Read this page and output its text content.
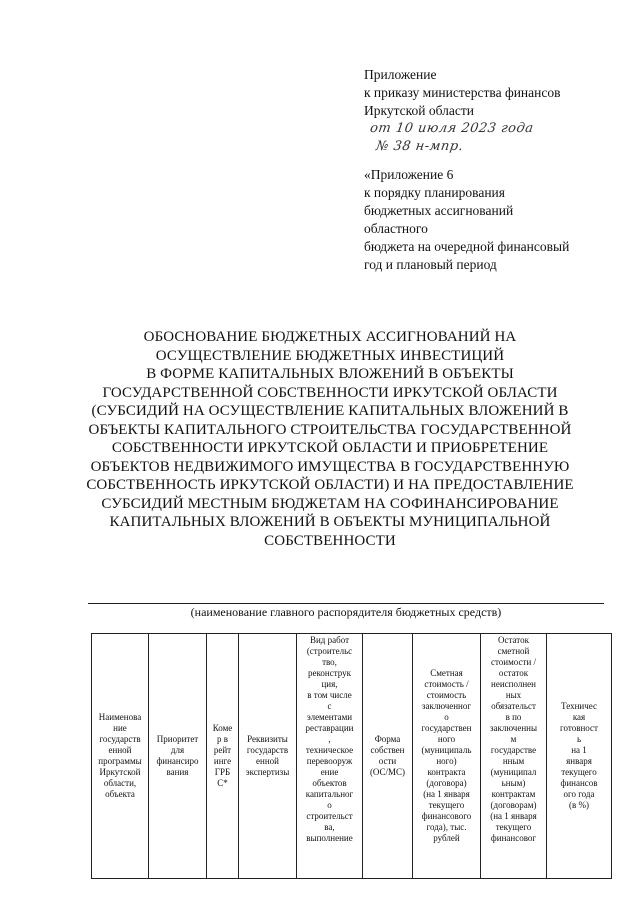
Приложение
к приказу министерства финансов
Иркутской области
от 10 июля 2023 года
№ 38 н-мпр.
«Приложение 6
к порядку планирования
бюджетных ассигнований
областного
бюджета на очередной финансовый
год и плановый период
ОБОСНОВАНИЕ БЮДЖЕТНЫХ АССИГНОВАНИЙ НА
ОСУЩЕСТВЛЕНИЕ БЮДЖЕТНЫХ ИНВЕСТИЦИЙ
В ФОРМЕ КАПИТАЛЬНЫХ ВЛОЖЕНИЙ В ОБЪЕКТЫ
ГОСУДАРСТВЕННОЙ СОБСТВЕННОСТИ ИРКУТСКОЙ ОБЛАСТИ
(СУБСИДИЙ НА ОСУЩЕСТВЛЕНИЕ КАПИТАЛЬНЫХ ВЛОЖЕНИЙ В
ОБЪЕКТЫ КАПИТАЛЬНОГО СТРОИТЕЛЬСТВА ГОСУДАРСТВЕННОЙ
СОБСТВЕННОСТИ ИРКУТСКОЙ ОБЛАСТИ И ПРИОБРЕТЕНИЕ
ОБЪЕКТОВ НЕДВИЖИМОГО ИМУЩЕСТВА В ГОСУДАРСТВЕННУЮ
СОБСТВЕННОСТЬ ИРКУТСКОЙ ОБЛАСТИ) И НА ПРЕДОСТАВЛЕНИЕ
СУБСИДИЙ МЕСТНЫМ БЮДЖЕТАМ НА СОФИНАНСИРОВАНИЕ
КАПИТАЛЬНЫХ ВЛОЖЕНИЙ В ОБЪЕКТЫ МУНИЦИПАЛЬНОЙ
СОБСТВЕННОСТИ
(наименование главного распорядителя бюджетных средств)
Наименова
ние
государств
енной
программы
Иркутской
области,
объекта

Приоритет
для
финансиро
вания

Коме
р в
рейт
инге
ГРБ
С*

Реквизиты
государств
енной
экспертизы

Вид работ
(строительс
тво,
реконструк
ция,
в том числе
с
элементами
реставрации
,
техническое
перевооруж
ение
объектов
капитальног
о
строительст
ва,
выполнение

Форма
собствен
ости
(ОС/МС)

Сметная
стоимость /
стоимость
заключенног
о
государствен
ного
(муниципаль
ного)
контракта
(договора)
(на 1 января
текущего
финансового
года), тыс.
рублей

Остаток
сметной
стоимости /
остаток
неисполнен
ных
обязательст
в по
заключенны
м
государстве
нным
(муниципал
ьным)
контрактам
(договорам)
(на 1 января
текущего
финансовог

Техничес
кая
готовност
ь
на 1
января
текущего
финансов
ого года
(в %)
